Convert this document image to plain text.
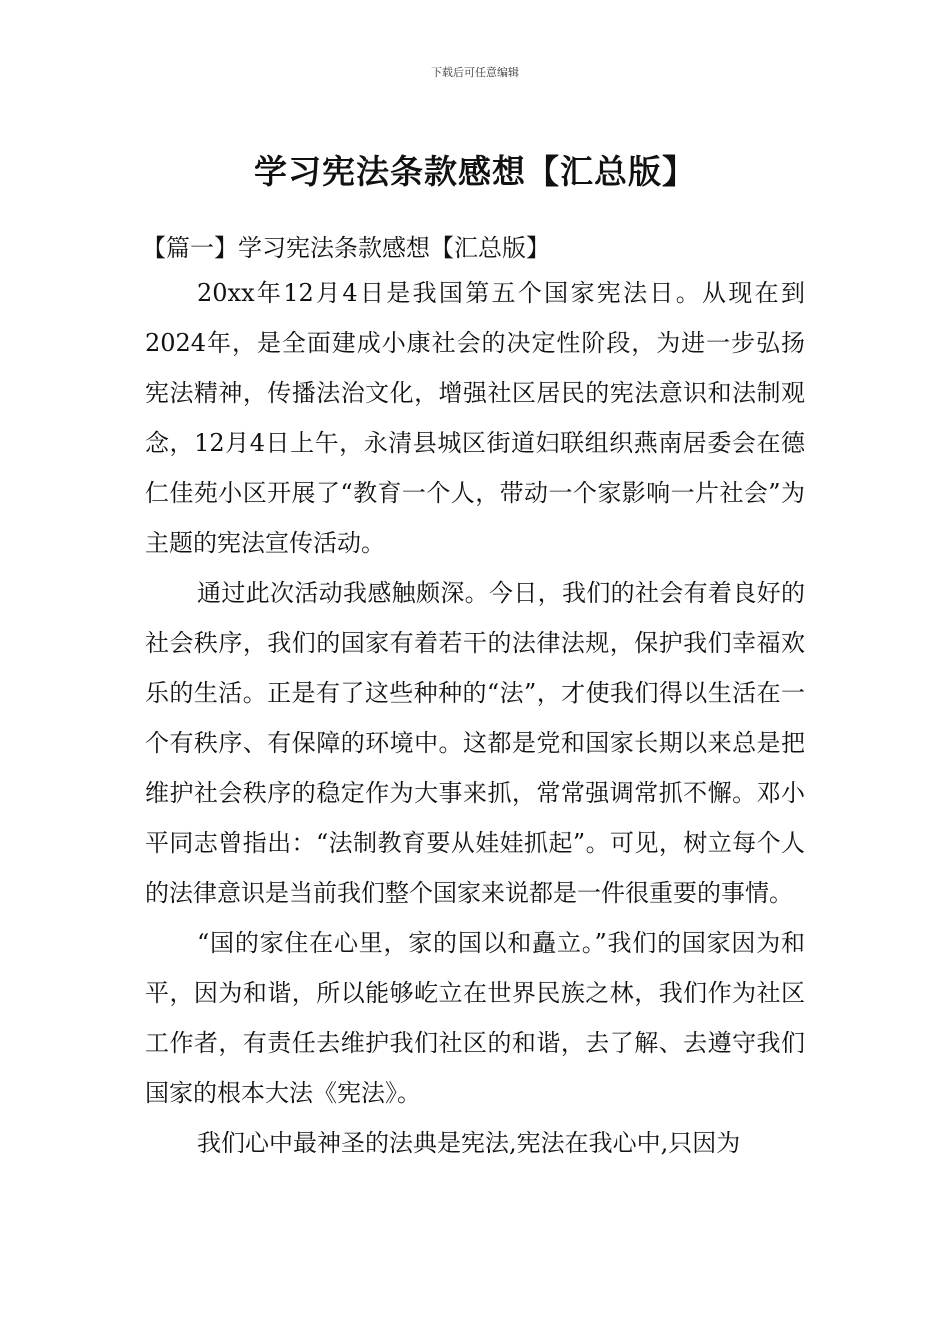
下载后可任意编辑
学习宪法条款感想【汇总版】
【篇一】学习宪法条款感想【汇总版】

20xx年12月4日是我国第五个国家宪法日。从现在到2024年，是全面建成小康社会的决定性阶段，为进一步弘扬宪法精神，传播法治文化，增强社区居民的宪法意识和法制观念，12月4日上午，永清县城区街道妇联组织燕南居委会在德仁佳苑小区开展了“教育一个人，带动一个家影响一片社会”为主题的宪法宣传活动。

通过此次活动我感触颇深。今日，我们的社会有着良好的社会秩序，我们的国家有着若干的法律法规，保护我们幸福欢乐的生活。正是有了这些种种的“法”，才使我们得以生活在一个有秩序、有保障的环境中。这都是党和国家长期以来总是把维护社会秩序的稳定作为大事来抓，常常强调常抓不懈。邓小平同志曾指出：“法制教育要从娃娃抓起”。可见，树立每个人的法律意识是当前我们整个国家来说都是一件很重要的事情。

“国的家住在心里，家的国以和矗立。”我们的国家因为和平，因为和谐，所以能够屹立在世界民族之林，我们作为社区工作者，有责任去维护我们社区的和谐，去了解、去遵守我们国家的根本大法《宪法》。

我们心中最神圣的法典是宪法,宪法在我心中,只因为
